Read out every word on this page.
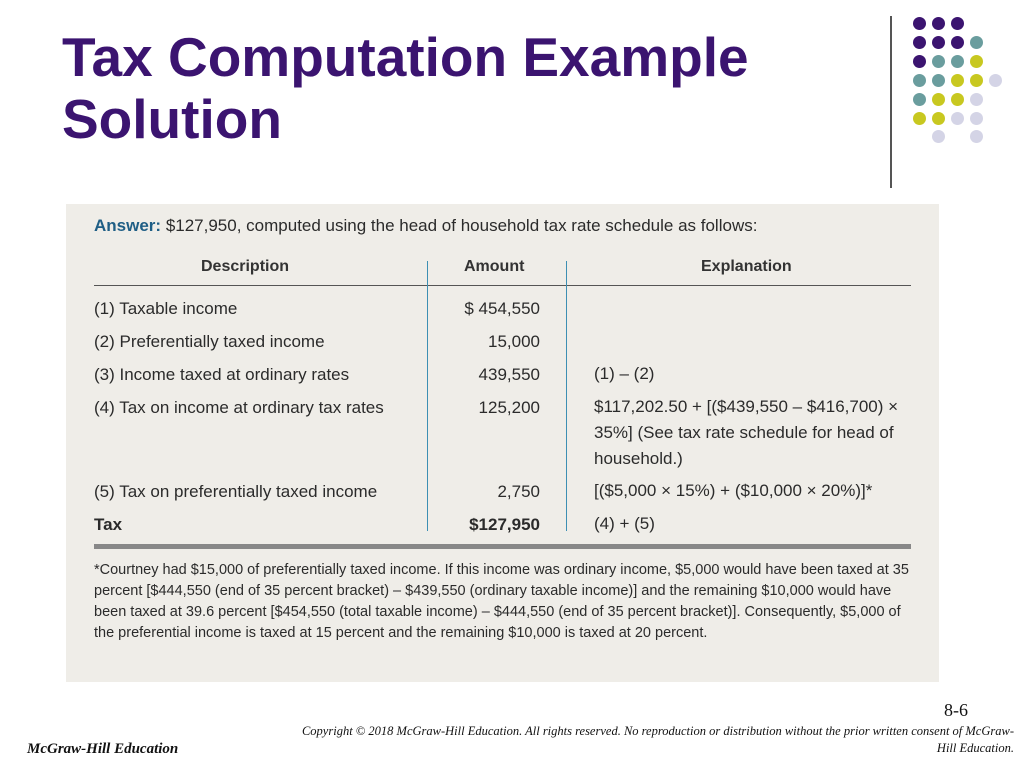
Tax Computation Example
Solution
Answer: $127,950, computed using the head of household tax rate schedule as follows:
Description	Amount	Explanation
(1) Taxable income	$ 454,550
(2) Preferentially taxed income	15,000
(3) Income taxed at ordinary rates	439,550	(1) – (2)
(4) Tax on income at ordinary tax rates	125,200	$117,202.50 + [($439,550 – $416,700) × 35%] (See tax rate schedule for head of household.)
(5) Tax on preferentially taxed income	2,750	[($5,000 × 15%) + ($10,000 × 20%)]*
Tax	$127,950	(4) + (5)
*Courtney had $15,000 of preferentially taxed income. If this income was ordinary income, $5,000 would have been taxed at 35 percent [$444,550 (end of 35 percent bracket) – $439,550 (ordinary taxable income)] and the remaining $10,000 would have been taxed at 39.6 percent [$454,550 (total taxable income) – $444,550 (end of 35 percent bracket)]. Consequently, $5,000 of the preferential income is taxed at 15 percent and the remaining $10,000 is taxed at 20 percent.
8-6
Copyright © 2018 McGraw-Hill Education. All rights reserved. No reproduction or distribution without the prior written consent of McGraw-Hill Education.
McGraw-Hill Education
